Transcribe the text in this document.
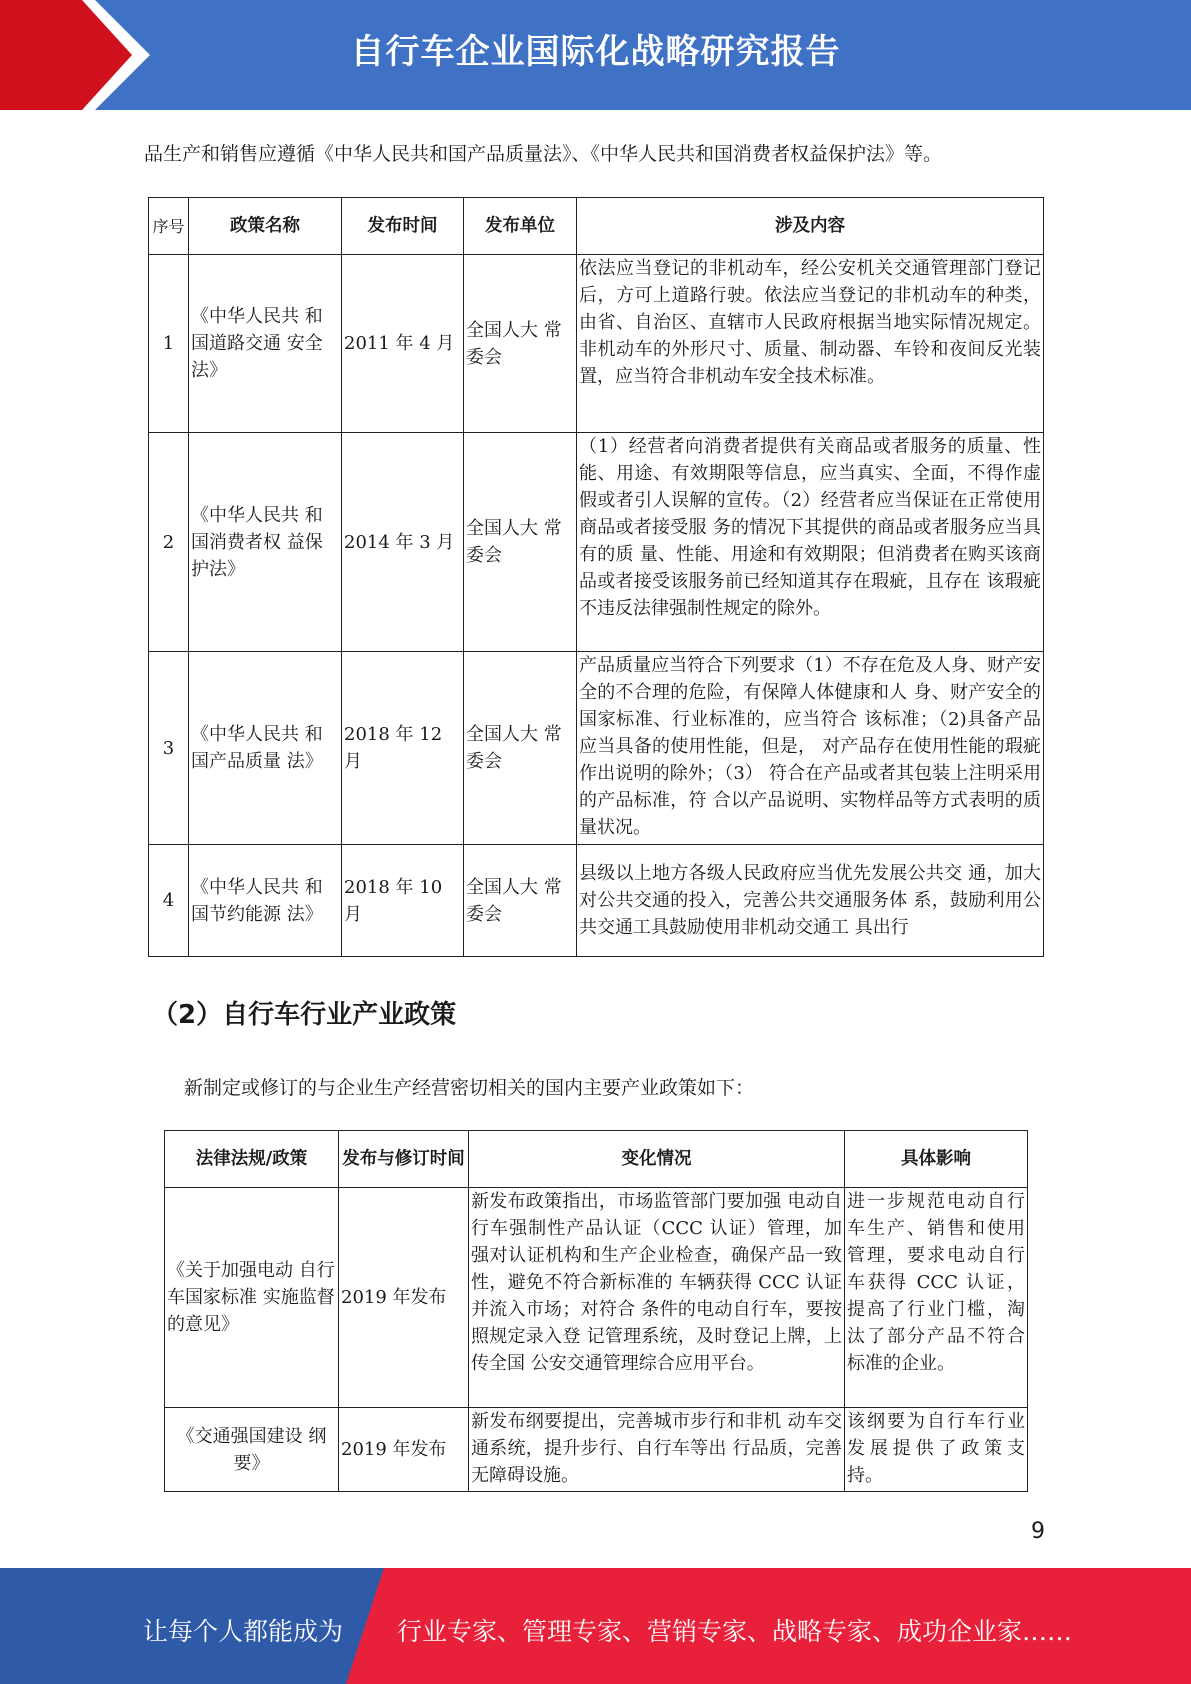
自行车企业国际化战略研究报告
品生产和销售应遵循《中华人民共和国产品质量法》、《中华人民共和国消费者权益保护法》等。
序号	政策名称	发布时间	发布单位	涉及内容
1	《中华人民共 和国道路交通 安全法》	2011 年 4 月	全国人大 常委会	依法应当登记的非机动车，经公安机关交通管理部门登记后，方可上道路行驶。依法应当登记的非机动车的种类，由省、自治区、直辖市人民政府根据当地实际情况规定。非机动车的外形尺寸、质量、制动器、车铃和夜间反光装置，应当符合非机动车安全技术标准。
2	《中华人民共 和国消费者权 益保护法》	2014 年 3 月	全国人大 常委会	（1）经营者向消费者提供有关商品或者服务的质量、性能、用途、有效期限等信息，应当真实、全面，不得作虚假或者引人误解的宣传。（2）经营者应当保证在正常使用商品或者接受服 务的情况下其提供的商品或者服务应当具有的质 量、性能、用途和有效期限；但消费者在购买该商 品或者接受该服务前已经知道其存在瑕疵，且存在 该瑕疵不违反法律强制性规定的除外。
3	《中华人民共 和国产品质量 法》	2018 年 12 月	全国人大 常委会	产品质量应当符合下列要求（1）不存在危及人身、财产安全的不合理的危险，有保障人体健康和人 身、财产安全的国家标准、行业标准的，应当符合 该标准；（2)具备产品应当具备的使用性能，但是， 对产品存在使用性能的瑕疵作出说明的除外；（3） 符合在产品或者其包装上注明采用的产品标准，符 合以产品说明、实物样品等方式表明的质量状况。
4	《中华人民共 和国节约能源 法》	2018 年 10 月	全国人大 常委会	县级以上地方各级人民政府应当优先发展公共交 通，加大对公共交通的投入，完善公共交通服务体 系，鼓励利用公共交通工具鼓励使用非机动交通工 具出行
（2）自行车行业产业政策
新制定或修订的与企业生产经营密切相关的国内主要产业政策如下：
法律法规/政策	发布与修订时间	变化情况	具体影响
《关于加强电动 自行车国家标准 实施监督的意见》	2019 年发布	新发布政策指出，市场监管部门要加强 电动自行车强制性产品认证（CCC 认证）管理，加强对认证机构和生产企业检查，确保产品一致性，避免不符合新标准的 车辆获得 CCC 认证并流入市场；对符合 条件的电动自行车，要按照规定录入登 记管理系统，及时登记上牌，上传全国 公安交通管理综合应用平台。	进一步规范电动自行车生产、销售和使用管理，要求电动自行车获得 CCC 认证，提高了行业门槛，淘汰了部分产品不符合标准的企业。
《交通强国建设 纲要》	2019 年发布	新发布纲要提出，完善城市步行和非机 动车交通系统，提升步行、自行车等出 行品质，完善无障碍设施。	该纲要为自行车行业发展提供了政策支持。
9
让每个人都能成为 行业专家、管理专家、营销专家、战略专家、成功企业家……
